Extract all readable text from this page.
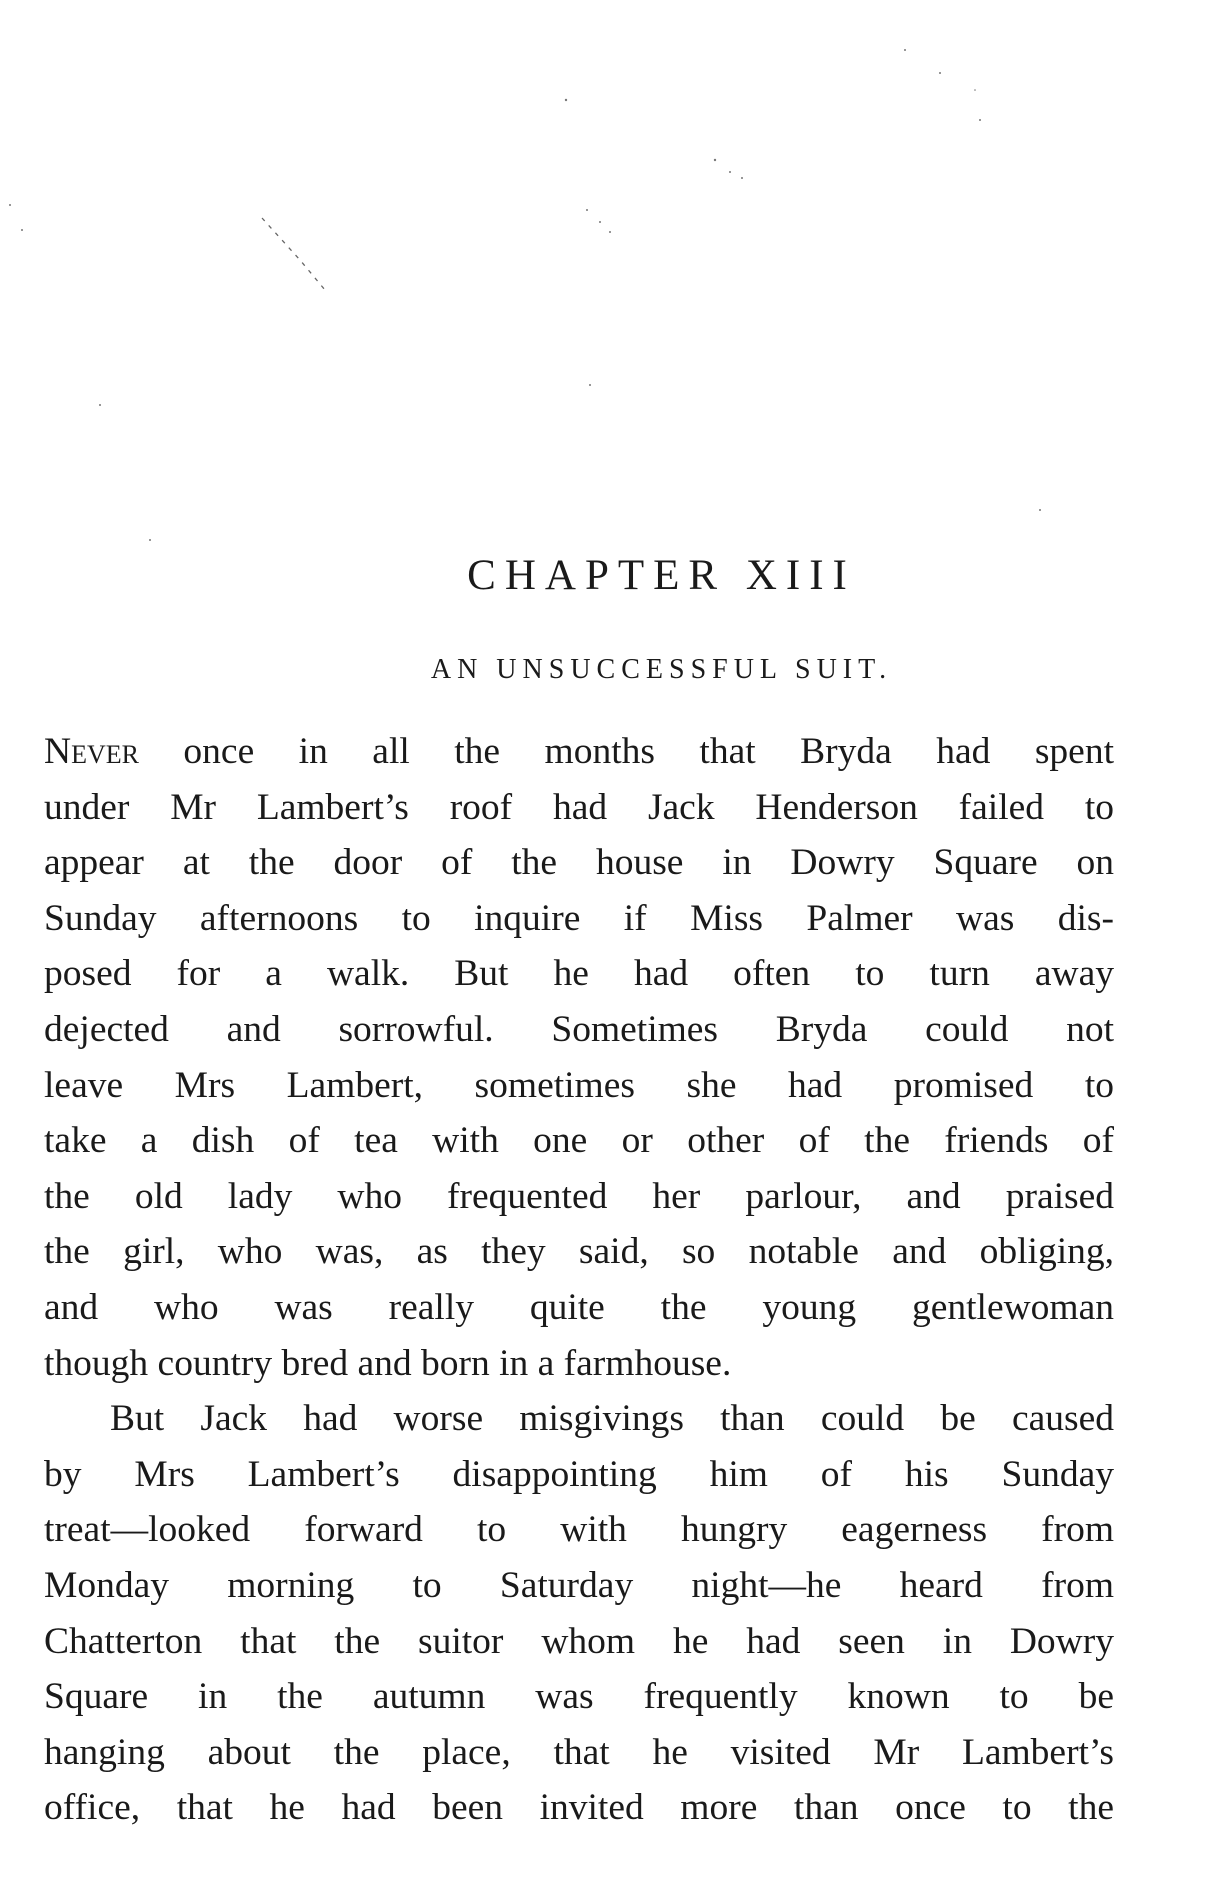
CHAPTER XIII
AN UNSUCCESSFUL SUIT.

Never once in all the months that Bryda had spent
under Mr Lambert’s roof had Jack Henderson failed to
appear at the door of the house in Dowry Square on
Sunday afternoons to inquire if Miss Palmer was dis-
posed for a walk. But he had often to turn away
dejected and sorrowful. Sometimes Bryda could not
leave Mrs Lambert, sometimes she had promised to
take a dish of tea with one or other of the friends of
the old lady who frequented her parlour, and praised
the girl, who was, as they said, so notable and obliging,
and who was really quite the young gentlewoman
though country bred and born in a farmhouse.

But Jack had worse misgivings than could be caused
by Mrs Lambert’s disappointing him of his Sunday
treat—looked forward to with hungry eagerness from
Monday morning to Saturday night—he heard from
Chatterton that the suitor whom he had seen in Dowry
Square in the autumn was frequently known to be
hanging about the place, that he visited Mr Lambert’s
office, that he had been invited more than once to the
